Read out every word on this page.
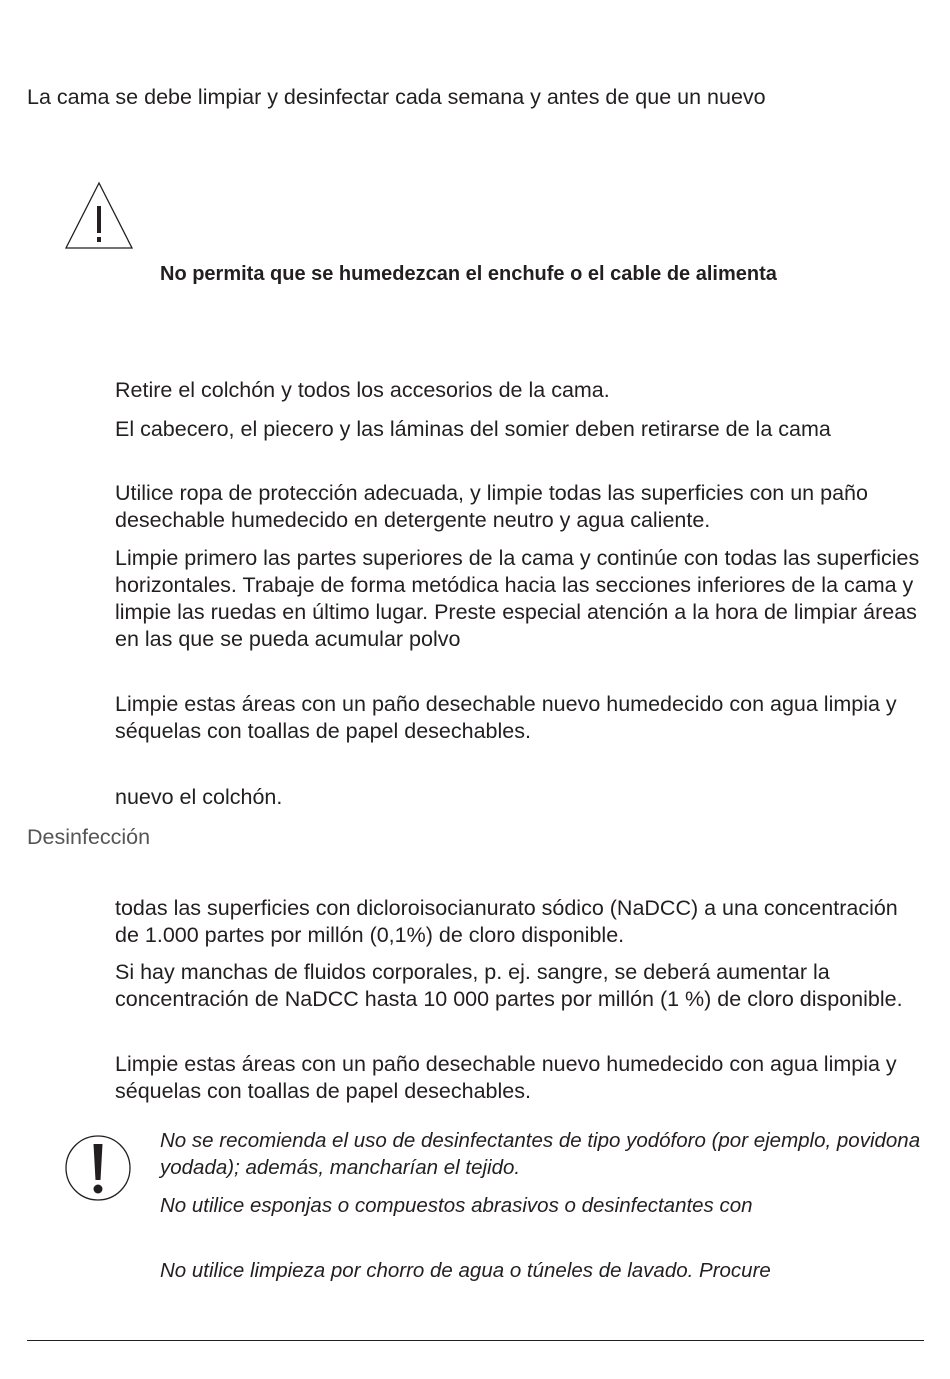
La cama se debe limpiar y desinfectar cada semana y antes de que un nuevo
No permita que se humedezcan el enchufe o el cable de alimenta
Retire el colchón y todos los accesorios de la cama.
El cabecero, el piecero y las láminas del somier deben retirarse de la cama
Utilice ropa de protección adecuada, y limpie todas las superficies con un paño desechable humedecido en detergente neutro y agua caliente.
Limpie primero las partes superiores de la cama y continúe con todas las superficies horizontales. Trabaje de forma metódica hacia las secciones inferiores de la cama y limpie las ruedas en último lugar. Preste especial atención a la hora de limpiar áreas en las que se pueda acumular polvo
Limpie estas áreas con un paño desechable nuevo humedecido con agua limpia y séquelas con toallas de papel desechables.
nuevo el colchón.
Desinfección
todas las superficies con dicloroisocianurato sódico (NaDCC) a una concentración de 1.000 partes por millón (0,1%) de cloro disponible.
Si hay manchas de fluidos corporales, p. ej. sangre, se deberá aumentar la concentración de NaDCC hasta 10 000 partes por millón (1 %) de cloro disponible.
Limpie estas áreas con un paño desechable nuevo humedecido con agua limpia y séquelas con toallas de papel desechables.
No se recomienda el uso de desinfectantes de tipo yodóforo (por ejemplo, povidona yodada); además, mancharían el tejido.
No utilice esponjas o compuestos abrasivos o desinfectantes con
No utilice limpieza por chorro de agua o túneles de lavado. Procure
